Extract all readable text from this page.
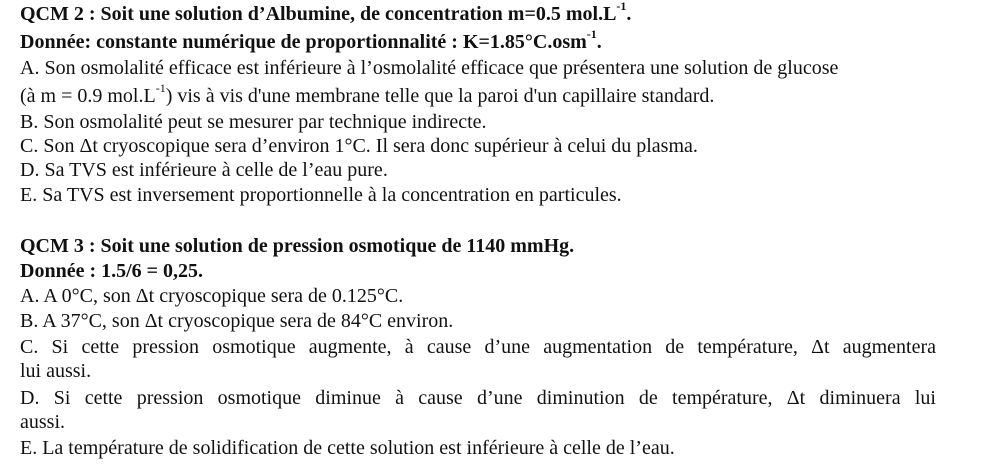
QCM 2 : Soit une solution d’Albumine, de concentration m=0.5 $mol.L^{-1}$.
Donnée: constante numérique de proportionnalité : K=1.85°C.osm$^{-1}$.
A. Son osmolalité efficace est inférieure à l’osmolalité efficace que présentera une solution de glucose
(à m = 0.9 $mol.L^{-1}$) vis à vis d'une membrane telle que la paroi d'un capillaire standard.
B. Son osmolalité peut se mesurer par technique indirecte.
C. Son Δt cryoscopique sera d’environ 1°C. Il sera donc supérieur à celui du plasma.
D. Sa TVS est inférieure à celle de l’eau pure.
E. Sa TVS est inversement proportionnelle à la concentration en particules.
QCM 3 : Soit une solution de pression osmotique de 1140 mmHg.
Donnée : 1.5/6 = 0,25.
A. A 0°C, son Δt cryoscopique sera de 0.125°C.
B. A 37°C, son Δt cryoscopique sera de 84°C environ.
C. Si cette pression osmotique augmente, à cause d’une augmentation de température, Δt augmentera
lui aussi.
D. Si cette pression osmotique diminue à cause d’une diminution de température, Δt diminuera lui
aussi.
E. La température de solidification de cette solution est inférieure à celle de l’eau.
